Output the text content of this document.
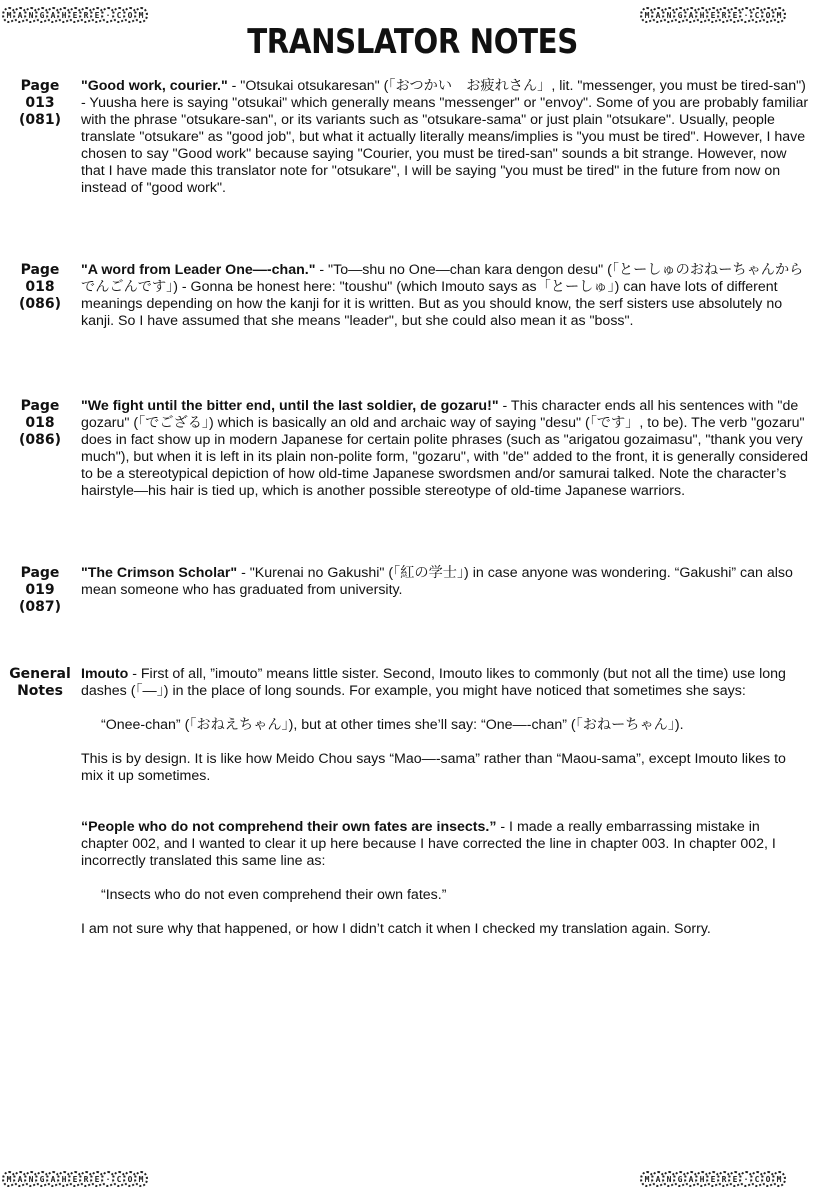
M A N G A H E R E · C O M	M A N G A H E R E · C O M
TRANSLATOR NOTES
Page
013
(081)

"Good work, courier." - "Otsukai otsukaresan" (「おつかい　お疲れさん」, lit. "messenger, you must be tired-san") - Yuusha here is saying "otsukai" which generally means "messenger" or "envoy". Some of you are probably familiar with the phrase "otsukare-san", or its variants such as "otsukare-sama" or just plain "otsukare". Usually, people translate "otsukare" as "good job", but what it actually literally means/implies is "you must be tired". However, I have chosen to say "Good work" because saying "Courier, you must be tired-san" sounds a bit strange. However, now that I have made this translator note for "otsukare", I will be saying "you must be tired" in the future from now on instead of "good work".

Page
018
(086)

"A word from Leader One—-chan." - "To—shu no One—chan kara dengon desu" (「とーしゅのおねーちゃんからでんごんです」) - Gonna be honest here: "toushu" (which Imouto says as「とーしゅ」) can have lots of different meanings depending on how the kanji for it is written. But as you should know, the serf sisters use absolutely no kanji. So I have assumed that she means "leader", but she could also mean it as "boss".

Page
018
(086)

"We fight until the bitter end, until the last soldier, de gozaru!" - This character ends all his sentences with "de gozaru" (「でござる」) which is basically an old and archaic way of saying "desu" (「です」, to be). The verb "gozaru" does in fact show up in modern Japanese for certain polite phrases (such as "arigatou gozaimasu", "thank you very much"), but when it is left in its plain non-polite form, "gozaru", with "de" added to the front, it is generally considered to be a stereotypical depiction of how old-time Japanese swordsmen and/or samurai talked. Note the character’s hairstyle—his hair is tied up, which is another possible stereotype of old-time Japanese warriors.

Page
019
(087)

"The Crimson Scholar" - "Kurenai no Gakushi" (「紅の学士」) in case anyone was wondering. “Gakushi” can also mean someone who has graduated from university.

General
Notes

Imouto - First of all, ”imouto” means little sister. Second, Imouto likes to commonly (but not all the time) use long dashes (「—」) in the place of long sounds. For example, you might have noticed that sometimes she says:

“Onee-chan” (「おねえちゃん」), but at other times she’ll say: “One—-chan” (「おねーちゃん」).

This is by design. It is like how Meido Chou says “Mao—-sama” rather than “Maou-sama”, except Imouto likes to mix it up sometimes.

“People who do not comprehend their own fates are insects.” - I made a really embarrassing mistake in chapter 002, and I wanted to clear it up here because I have corrected the line in chapter 003. In chapter 002, I incorrectly translated this same line as:

“Insects who do not even comprehend their own fates.”

I am not sure why that happened, or how I didn’t catch it when I checked my translation again. Sorry.

M A N G A H E R E · C O M	M A N G A H E R E · C O M
